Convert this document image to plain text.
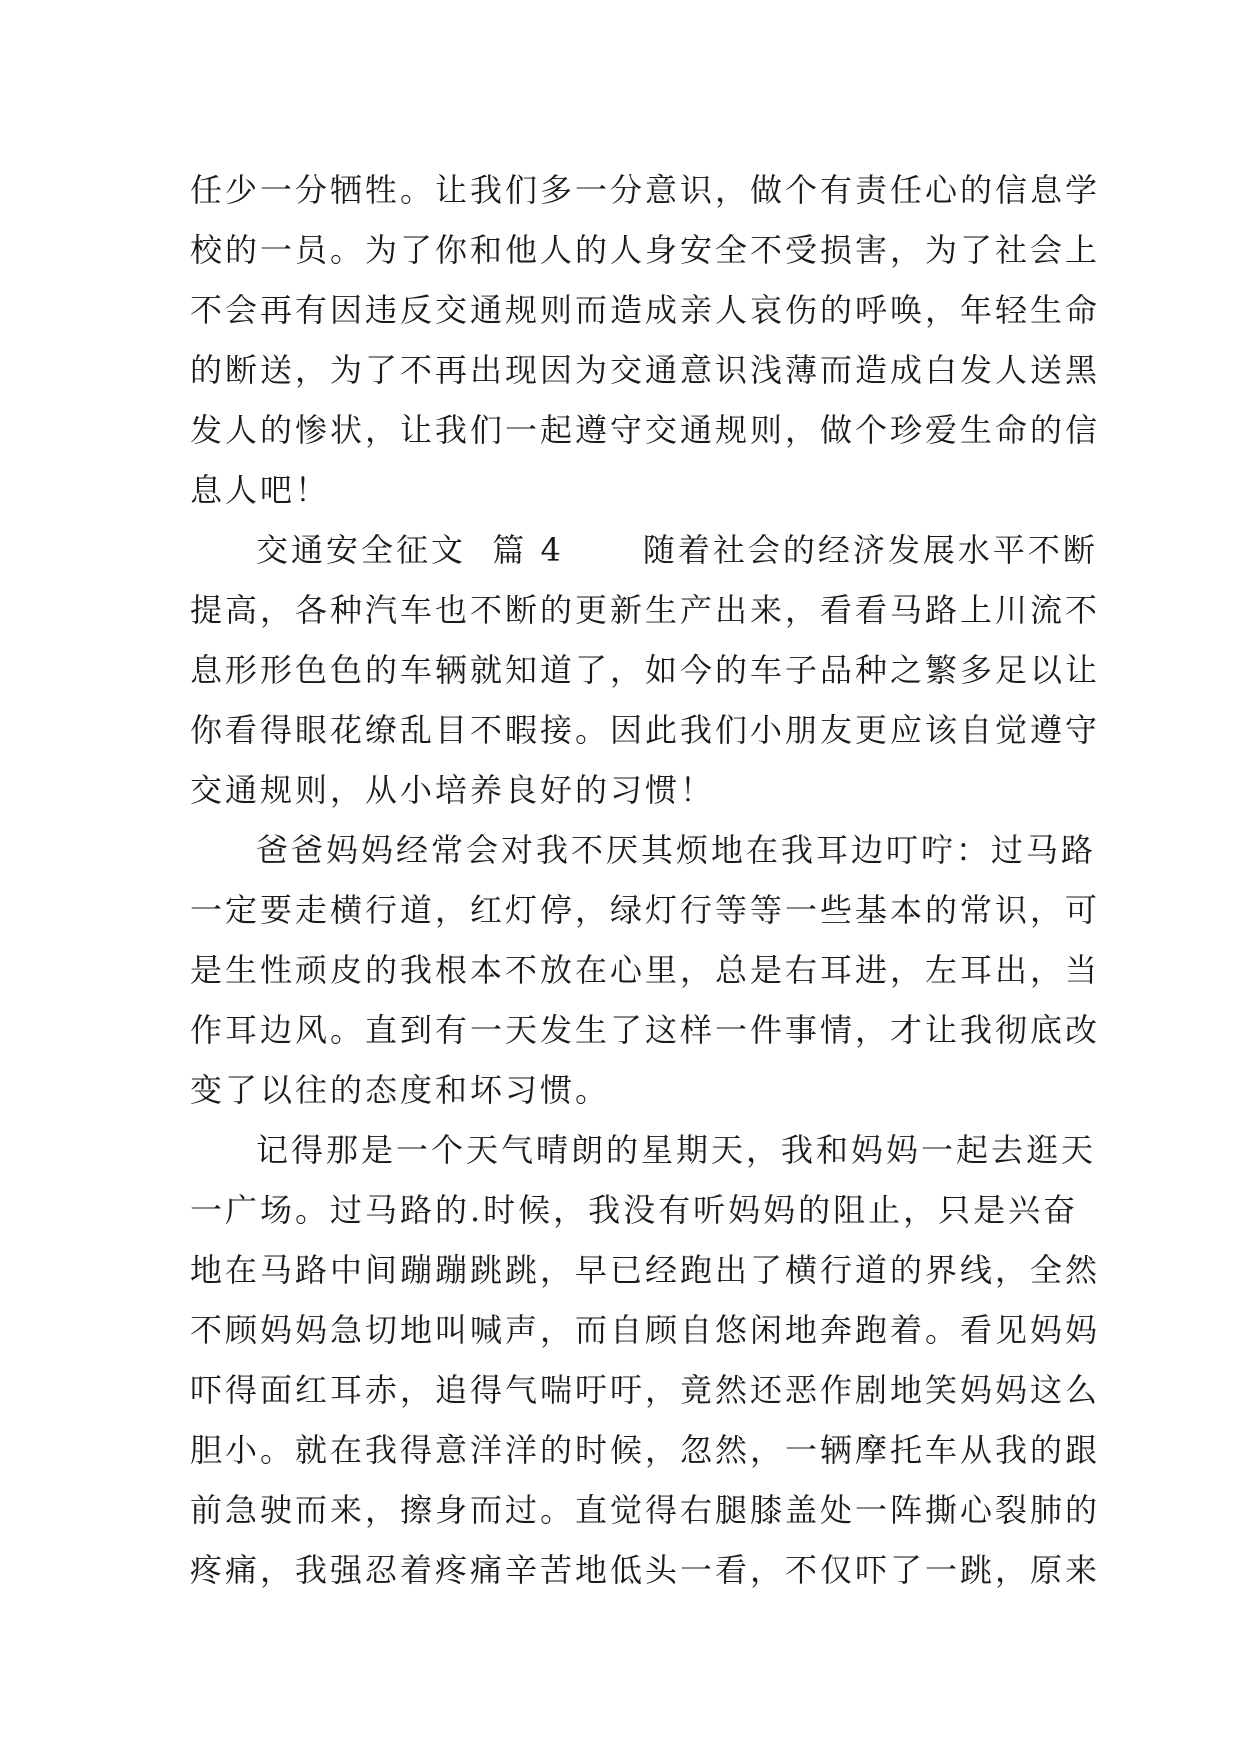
任少一分牺牲。让我们多一分意识，做个有责任心的信息学
校的一员。为了你和他人的人身安全不受损害，为了社会上
不会再有因违反交通规则而造成亲人哀伤的呼唤，年轻生命
的断送，为了不再出现因为交通意识浅薄而造成白发人送黑
发人的惨状，让我们一起遵守交通规则，做个珍爱生命的信
息人吧！
交通安全征文  篇 4      随着社会的经济发展水平不断
提高，各种汽车也不断的更新生产出来，看看马路上川流不
息形形色色的车辆就知道了，如今的车子品种之繁多足以让
你看得眼花缭乱目不暇接。因此我们小朋友更应该自觉遵守
交通规则，从小培养良好的习惯！
爸爸妈妈经常会对我不厌其烦地在我耳边叮咛：过马路
一定要走横行道，红灯停，绿灯行等等一些基本的常识，可
是生性顽皮的我根本不放在心里，总是右耳进，左耳出，当
作耳边风。直到有一天发生了这样一件事情，才让我彻底改
变了以往的态度和坏习惯。
记得那是一个天气晴朗的星期天，我和妈妈一起去逛天
一广场。过马路的.时候，我没有听妈妈的阻止，只是兴奋
地在马路中间蹦蹦跳跳，早已经跑出了横行道的界线，全然
不顾妈妈急切地叫喊声，而自顾自悠闲地奔跑着。看见妈妈
吓得面红耳赤，追得气喘吁吁，竟然还恶作剧地笑妈妈这么
胆小。就在我得意洋洋的时候，忽然，一辆摩托车从我的跟
前急驶而来，擦身而过。直觉得右腿膝盖处一阵撕心裂肺的
疼痛，我强忍着疼痛辛苦地低头一看，不仅吓了一跳，原来
